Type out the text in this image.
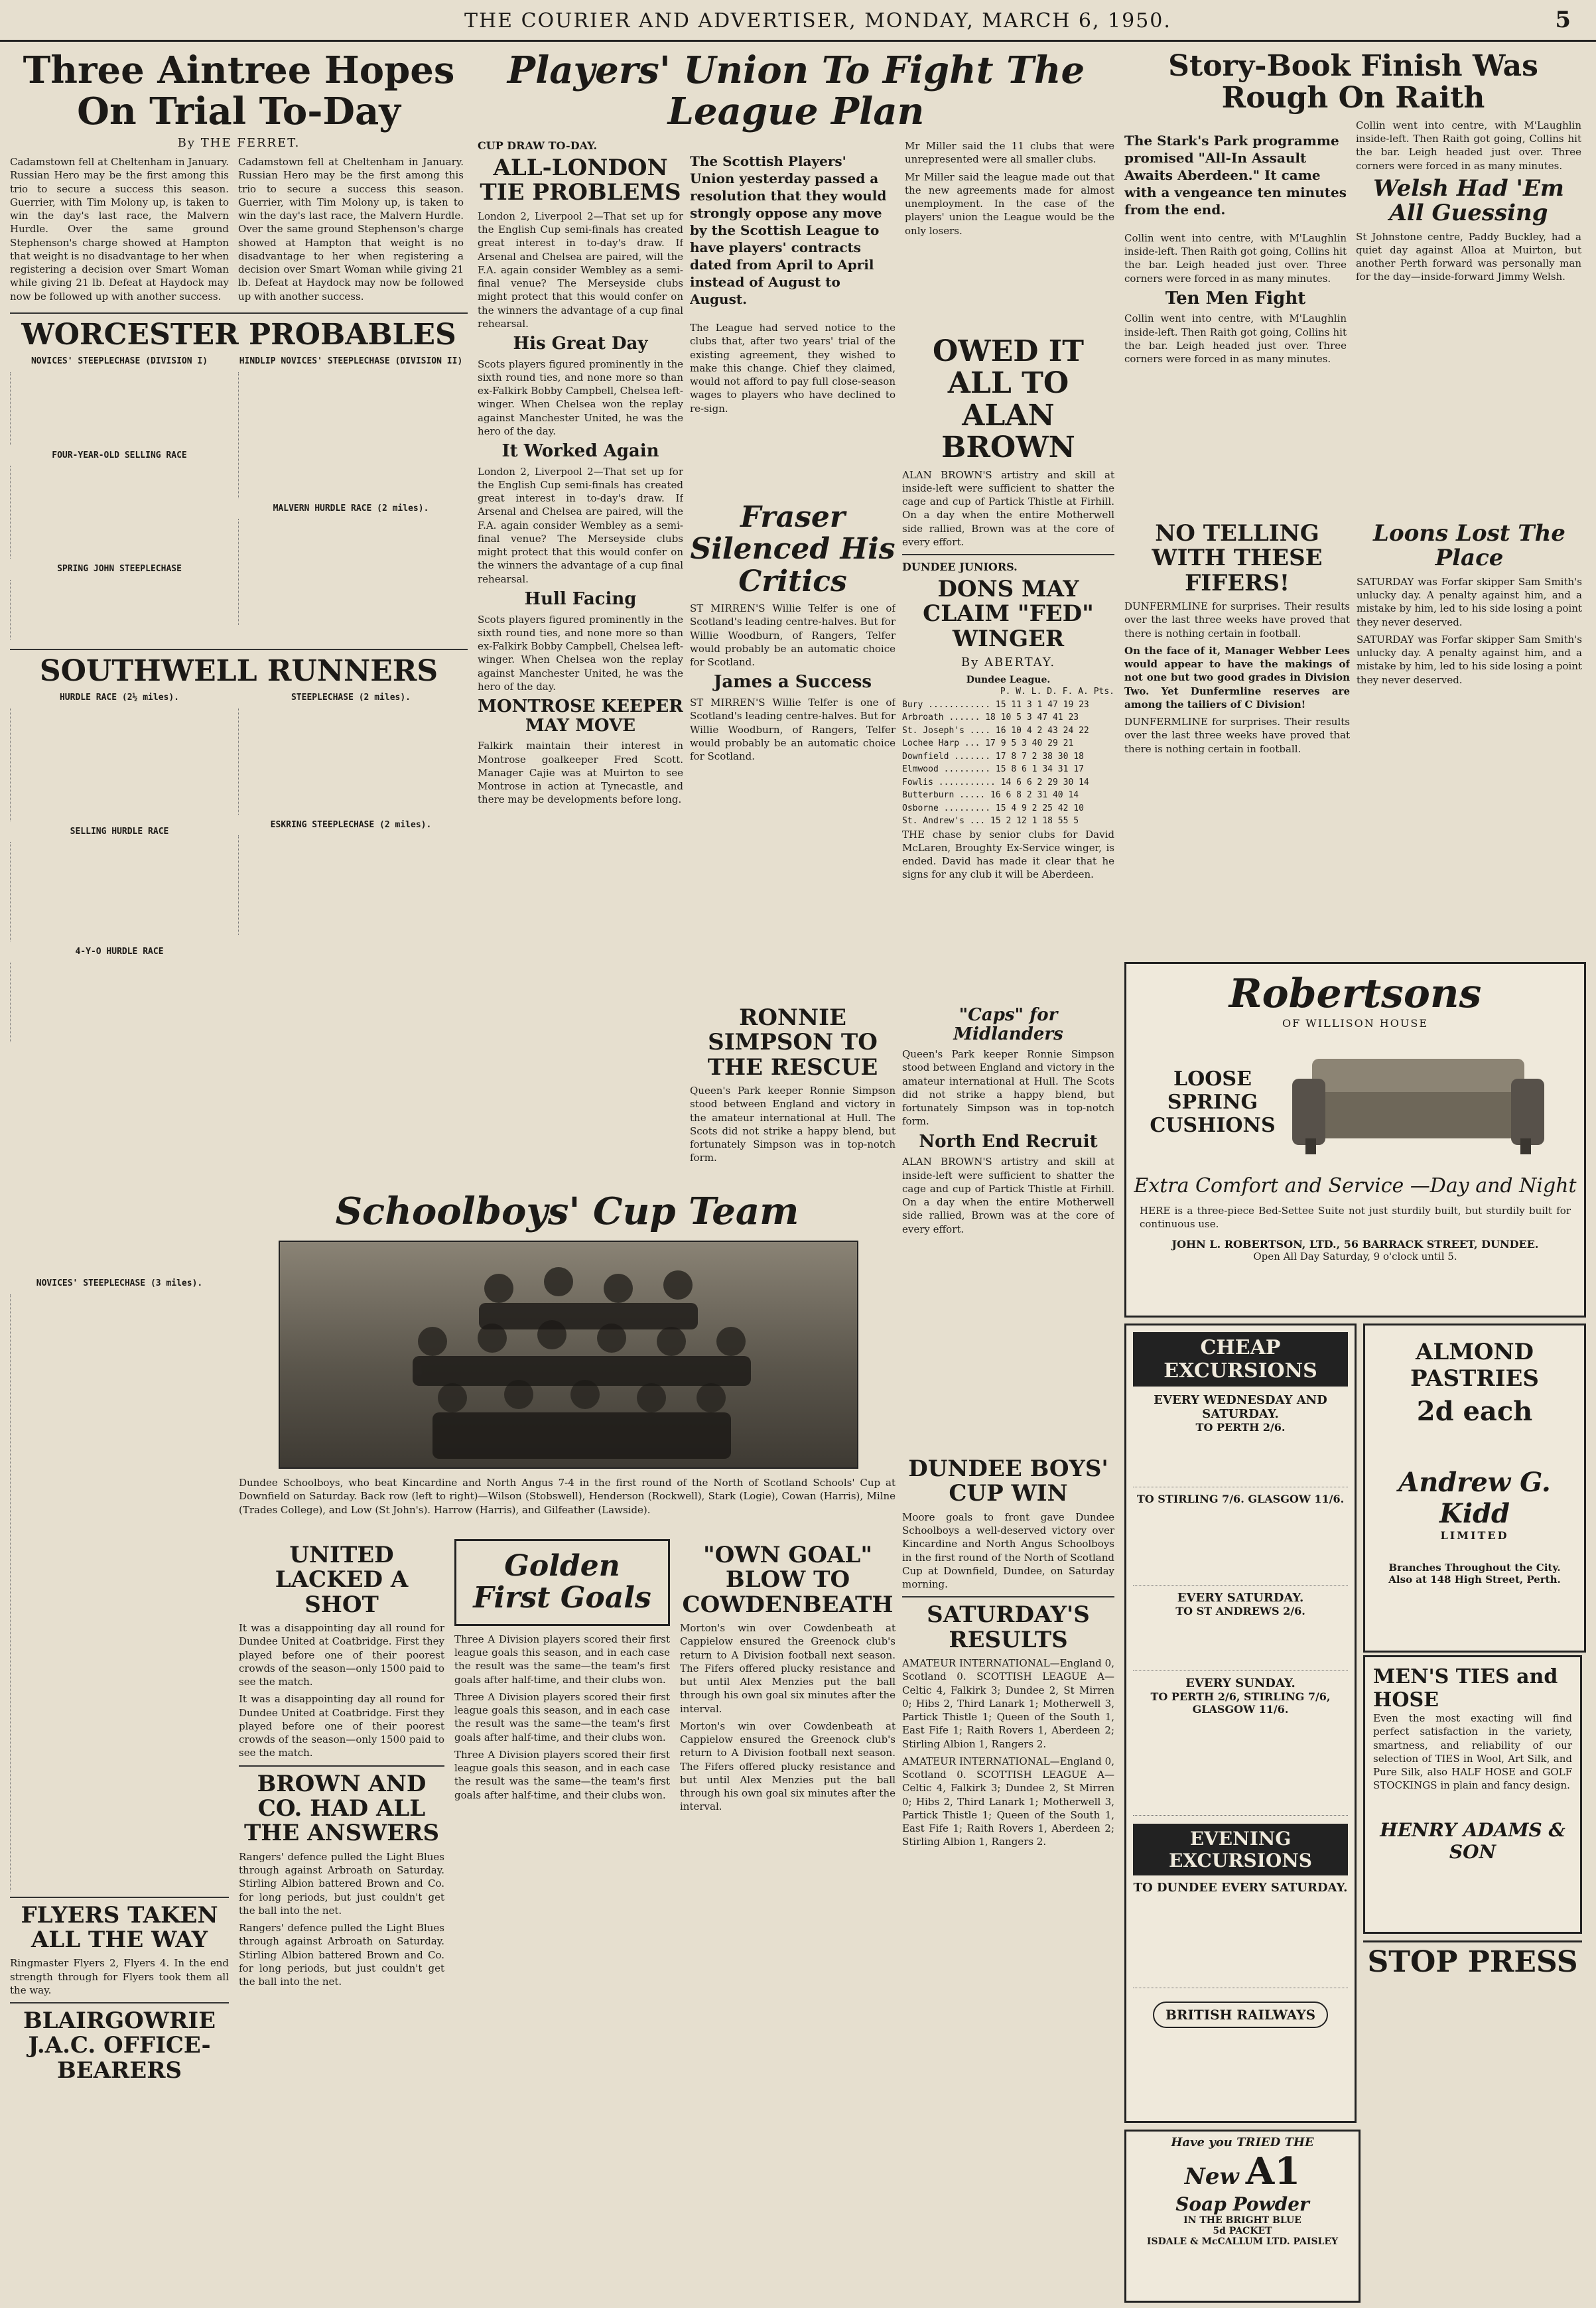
THE COURIER AND ADVERTISER, MONDAY, MARCH 6, 1950.	5
Three Aintree Hopes On Trial To-Day
By THE FERRET.

Cadamstown fell at Cheltenham in January. Russian Hero may be the first among this trio to secure a success this season. Guerrier, with Tim Molony up, is taken to win the day's last race, the Malvern Hurdle. Over the same ground Stephenson's charge showed at Hampton that weight is no disadvantage to her when registering a decision over Smart Woman while giving 21 lb. Defeat at Haydock may now be followed up with another success.

Cadamstown fell at Cheltenham in January. Russian Hero may be the first among this trio to secure a success this season. Guerrier, with Tim Molony up, is taken to win the day's last race, the Malvern Hurdle. Over the same ground Stephenson's charge showed at Hampton that weight is no disadvantage to her when registering a decision over Smart Woman while giving 21 lb. Defeat at Haydock may now be followed up with another success.

WORCESTER PROBABLES
NOVICES' STEEPLECHASE (DIVISION I)
FOUR-YEAR-OLD SELLING RACE
SPRING JOHN STEEPLECHASE
HINDLIP NOVICES' STEEPLECHASE (DIVISION II)
MALVERN HURDLE RACE (2 miles).
SOUTHWELL RUNNERS
HURDLE RACE (2½ miles).
SELLING HURDLE RACE
4-Y-O HURDLE RACE
STEEPLECHASE (2 miles).
ESKRING STEEPLECHASE (2 miles).
NOVICES' STEEPLECHASE (3 miles).
FLYERS TAKEN ALL THE WAY

Ringmaster Flyers 2, Flyers 4. In the end strength through for Flyers took them all the way.

BLAIRGOWRIE J.A.C. OFFICE-BEARERS
Players' Union To Fight The League Plan
CUP DRAW TO-DAY.
ALL-LONDON TIE PROBLEMS

London 2, Liverpool 2—That set up for the English Cup semi-finals has created great interest in to-day's draw. If Arsenal and Chelsea are paired, will the F.A. again consider Wembley as a semi-final venue? The Merseyside clubs might protect that this would confer on the winners the advantage of a cup final rehearsal.

His Great Day

Scots players figured prominently in the sixth round ties, and none more so than ex-Falkirk Bobby Campbell, Chelsea left-winger. When Chelsea won the replay against Manchester United, he was the hero of the day.

It Worked Again

London 2, Liverpool 2—That set up for the English Cup semi-finals has created great interest in to-day's draw. If Arsenal and Chelsea are paired, will the F.A. again consider Wembley as a semi-final venue? The Merseyside clubs might protect that this would confer on the winners the advantage of a cup final rehearsal.

Hull Facing

Scots players figured prominently in the sixth round ties, and none more so than ex-Falkirk Bobby Campbell, Chelsea left-winger. When Chelsea won the replay against Manchester United, he was the hero of the day.

MONTROSE KEEPER MAY MOVE

Falkirk maintain their interest in Montrose goalkeeper Fred Scott. Manager Cajie was at Muirton to see Montrose in action at Tynecastle, and there may be developments before long.

The Scottish Players' Union yesterday passed a resolution that they would strongly oppose any move by the Scottish League to have players' contracts dated from April to April instead of August to August.

The League had served notice to the clubs that, after two years' trial of the existing agreement, they wished to make this change. Chief they claimed, would not afford to pay full close-season wages to players who have declined to re-sign.

Mr Miller said the 11 clubs that were unrepresented were all smaller clubs.

Mr Miller said the league made out that the new agreements made for almost unemployment. In the case of the players' union the League would be the only losers.

Fraser Silenced His Critics

ST MIRREN'S Willie Telfer is one of Scotland's leading centre-halves. But for Willie Woodburn, of Rangers, Telfer would probably be an automatic choice for Scotland.

James a Success

ST MIRREN'S Willie Telfer is one of Scotland's leading centre-halves. But for Willie Woodburn, of Rangers, Telfer would probably be an automatic choice for Scotland.

OWED IT ALL TO ALAN BROWN

ALAN BROWN'S artistry and skill at inside-left were sufficient to shatter the cage and cup of Partick Thistle at Firhill. On a day when the entire Motherwell side rallied, Brown was at the core of every effort.

DUNDEE JUNIORS.
DONS MAY CLAIM "FED" WINGER
By ABERTAY.
Dundee League.
P. W. L. D. F. A. Pts.
Bury ............ 15 11 3 1 47 19 23
Arbroath ...... 18 10 5 3 47 41 23
St. Joseph's .... 16 10 4 2 43 24 22
Lochee Harp ... 17 9 5 3 40 29 21
Downfield ....... 17 8 7 2 38 30 18
Elmwood ......... 15 8 6 1 34 31 17
Fowlis ........... 14 6 6 2 29 30 14
Butterburn ..... 16 6 8 2 31 40 14
Osborne ......... 15 4 9 2 25 42 10
St. Andrew's ... 15 2 12 1 18 55 5

THE chase by senior clubs for David McLaren, Broughty Ex-Service winger, is ended. David has made it clear that he signs for any club it will be Aberdeen.

"Caps" for Midlanders

Queen's Park keeper Ronnie Simpson stood between England and victory in the amateur international at Hull. The Scots did not strike a happy blend, but fortunately Simpson was in top-notch form.

North End Recruit

ALAN BROWN'S artistry and skill at inside-left were sufficient to shatter the cage and cup of Partick Thistle at Firhill. On a day when the entire Motherwell side rallied, Brown was at the core of every effort.

RONNIE SIMPSON TO THE RESCUE

Queen's Park keeper Ronnie Simpson stood between England and victory in the amateur international at Hull. The Scots did not strike a happy blend, but fortunately Simpson was in top-notch form.

Schoolboys' Cup Team

Dundee Schoolboys, who beat Kincardine and North Angus 7-4 in the first round of the North of Scotland Schools' Cup at Downfield on Saturday. Back row (left to right)—Wilson (Stobswell), Henderson (Rockwell), Stark (Logie), Cowan (Harris), Milne (Trades College), and Low (St John's). Harrow (Harris), and Gilfeather (Lawside).

UNITED LACKED A SHOT

It was a disappointing day all round for Dundee United at Coatbridge. First they played before one of their poorest crowds of the season—only 1500 paid to see the match.

It was a disappointing day all round for Dundee United at Coatbridge. First they played before one of their poorest crowds of the season—only 1500 paid to see the match.

BROWN AND CO. HAD ALL THE ANSWERS

Rangers' defence pulled the Light Blues through against Arbroath on Saturday. Stirling Albion battered Brown and Co. for long periods, but just couldn't get the ball into the net.

Rangers' defence pulled the Light Blues through against Arbroath on Saturday. Stirling Albion battered Brown and Co. for long periods, but just couldn't get the ball into the net.

Golden First Goals

Three A Division players scored their first league goals this season, and in each case the result was the same—the team's first goals after half-time, and their clubs won.

Three A Division players scored their first league goals this season, and in each case the result was the same—the team's first goals after half-time, and their clubs won.

Three A Division players scored their first league goals this season, and in each case the result was the same—the team's first goals after half-time, and their clubs won.

"OWN GOAL" BLOW TO COWDENBEATH

Morton's win over Cowdenbeath at Cappielow ensured the Greenock club's return to A Division football next season. The Fifers offered plucky resistance and but until Alex Menzies put the ball through his own goal six minutes after the interval.

Morton's win over Cowdenbeath at Cappielow ensured the Greenock club's return to A Division football next season. The Fifers offered plucky resistance and but until Alex Menzies put the ball through his own goal six minutes after the interval.

DUNDEE BOYS' CUP WIN

Moore goals to front gave Dundee Schoolboys a well-deserved victory over Kincardine and North Angus Schoolboys in the first round of the North of Scotland Cup at Downfield, Dundee, on Saturday morning.

SATURDAY'S RESULTS

AMATEUR INTERNATIONAL—England 0, Scotland 0. SCOTTISH LEAGUE A—Celtic 4, Falkirk 3; Dundee 2, St Mirren 0; Hibs 2, Third Lanark 1; Motherwell 3, Partick Thistle 1; Queen of the South 1, East Fife 1; Raith Rovers 1, Aberdeen 2; Stirling Albion 1, Rangers 2.

AMATEUR INTERNATIONAL—England 0, Scotland 0. SCOTTISH LEAGUE A—Celtic 4, Falkirk 3; Dundee 2, St Mirren 0; Hibs 2, Third Lanark 1; Motherwell 3, Partick Thistle 1; Queen of the South 1, East Fife 1; Raith Rovers 1, Aberdeen 2; Stirling Albion 1, Rangers 2.

Story-Book Finish Was Rough On Raith

The Stark's Park programme promised "All-In Assault Awaits Aberdeen." It came with a vengeance ten minutes from the end.

Collin went into centre, with M'Laughlin inside-left. Then Raith got going, Collins hit the bar. Leigh headed just over. Three corners were forced in as many minutes.

Ten Men Fight

Collin went into centre, with M'Laughlin inside-left. Then Raith got going, Collins hit the bar. Leigh headed just over. Three corners were forced in as many minutes.

Collin went into centre, with M'Laughlin inside-left. Then Raith got going, Collins hit the bar. Leigh headed just over. Three corners were forced in as many minutes.

Welsh Had 'Em All Guessing

St Johnstone centre, Paddy Buckley, had a quiet day against Alloa at Muirton, but another Perth forward was personally man for the day—inside-forward Jimmy Welsh.

NO TELLING WITH THESE FIFERS!

DUNFERMLINE for surprises. Their results over the last three weeks have proved that there is nothing certain in football.

On the face of it, Manager Webber Lees would appear to have the makings of not one but two good grades in Division Two. Yet Dunfermline reserves are among the tailiers of C Division!

DUNFERMLINE for surprises. Their results over the last three weeks have proved that there is nothing certain in football.

Loons Lost The Place

SATURDAY was Forfar skipper Sam Smith's unlucky day. A penalty against him, and a mistake by him, led to his side losing a point they never deserved.

SATURDAY was Forfar skipper Sam Smith's unlucky day. A penalty against him, and a mistake by him, led to his side losing a point they never deserved.

Robertsons
OF WILLISON HOUSE
LOOSE SPRING CUSHIONS
Extra Comfort and Service —Day and Night

HERE is a three-piece Bed-Settee Suite not just sturdily built, but sturdily built for continuous use.

JOHN L. ROBERTSON, LTD., 56 BARRACK STREET, DUNDEE.
Open All Day Saturday, 9 o'clock until 5.
CHEAP EXCURSIONS
EVERY WEDNESDAY AND SATURDAY.
TO PERTH 2/6.
TO STIRLING 7/6. GLASGOW 11/6.
EVERY SATURDAY.
TO ST ANDREWS 2/6.
EVERY SUNDAY.
TO PERTH 2/6, STIRLING 7/6, GLASGOW 11/6.
EVENING EXCURSIONS
TO DUNDEE EVERY SATURDAY.
BRITISH RAILWAYS
ALMOND PASTRIES
2d each
Andrew G. Kidd
LIMITED
Branches Throughout the City. Also at 148 High Street, Perth.
MEN'S TIES and HOSE

Even the most exacting will find perfect satisfaction in the variety, smartness, and reliability of our selection of TIES in Wool, Art Silk, and Pure Silk, also HALF HOSE and GOLF STOCKINGS in plain and fancy design.

HENRY ADAMS & SON
STOP PRESS
Have you TRIED THE
New A1
Soap Powder
IN THE BRIGHT BLUE
5d PACKET
ISDALE & McCALLUM LTD. PAISLEY
